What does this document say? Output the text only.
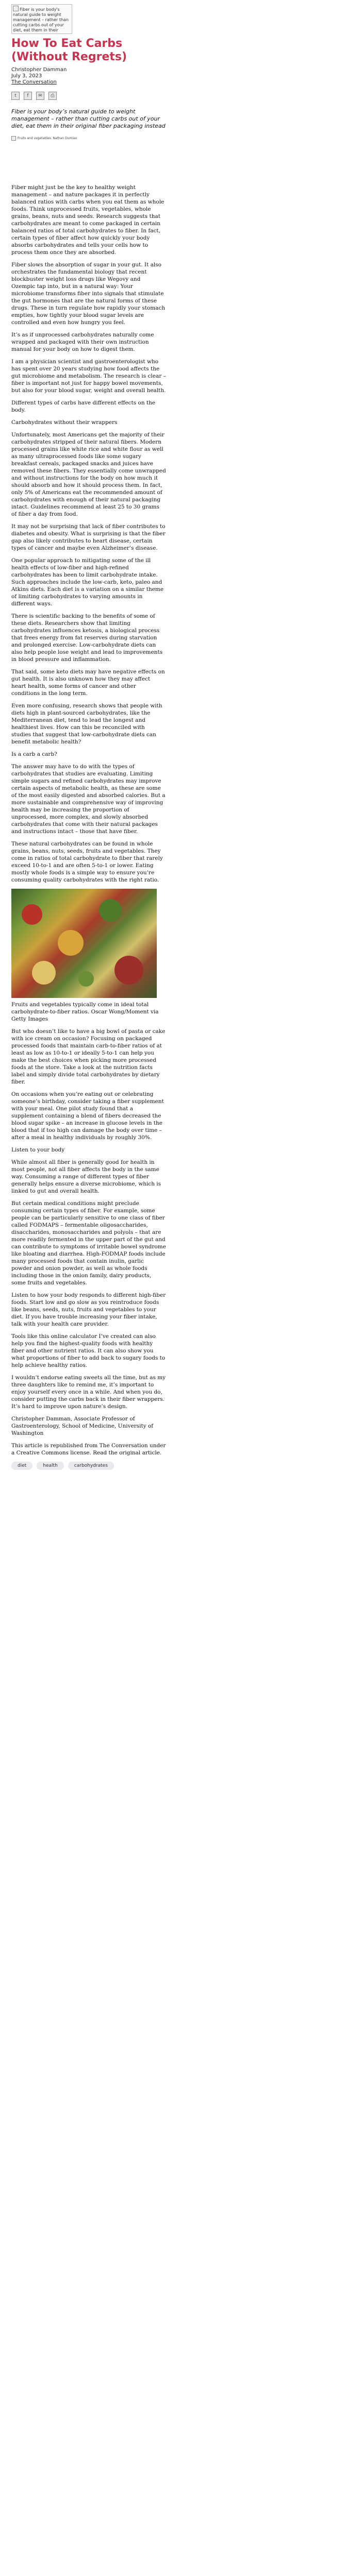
Fiber is your body's natural guide to weight management – rather than cutting carbs out of your diet, eat them in their
How To Eat Carbs (Without Regrets)
Christopher Damman
July 3, 2023
The Conversation
t	f	✉	⎙

Fiber is your body’s natural guide to weight management – rather than cutting carbs out of your diet, eat them in their original fiber packaging instead

Fruits and vegetables. Nathan Dumlao

Fiber might just be the key to healthy weight management – and nature packages it in perfectly balanced ratios with carbs when you eat them as whole foods. Think unprocessed fruits, vegetables, whole grains, beans, nuts and seeds. Research suggests that carbohydrates are meant to come packaged in certain balanced ratios of total carbohydrates to fiber. In fact, certain types of fiber affect how quickly your body absorbs carbohydrates and tells your cells how to process them once they are absorbed.

Fiber slows the absorption of sugar in your gut. It also orchestrates the fundamental biology that recent blockbuster weight loss drugs like Wegovy and Ozempic tap into, but in a natural way: Your microbiome transforms fiber into signals that stimulate the gut hormones that are the natural forms of these drugs. These in turn regulate how rapidly your stomach empties, how tightly your blood sugar levels are controlled and even how hungry you feel.

It’s as if unprocessed carbohydrates naturally come wrapped and packaged with their own instruction manual for your body on how to digest them.

I am a physician scientist and gastroenterologist who has spent over 20 years studying how food affects the gut microbiome and metabolism. The research is clear – fiber is important not just for happy bowel movements, but also for your blood sugar, weight and overall health.

Different types of carbs have different effects on the body.

Carbohydrates without their wrappers

Unfortunately, most Americans get the majority of their carbohydrates stripped of their natural fibers. Modern processed grains like white rice and white flour as well as many ultraprocessed foods like some sugary breakfast cereals, packaged snacks and juices have removed these fibers. They essentially come unwrapped and without instructions for the body on how much it should absorb and how it should process them. In fact, only 5% of Americans eat the recommended amount of carbohydrates with enough of their natural packaging intact. Guidelines recommend at least 25 to 30 grams of fiber a day from food.

It may not be surprising that lack of fiber contributes to diabetes and obesity. What is surprising is that the fiber gap also likely contributes to heart disease, certain types of cancer and maybe even Alzheimer’s disease.

One popular approach to mitigating some of the ill health effects of low-fiber and high-refined carbohydrates has been to limit carbohydrate intake. Such approaches include the low-carb, keto, paleo and Atkins diets. Each diet is a variation on a similar theme of limiting carbohydrates to varying amounts in different ways.

There is scientific backing to the benefits of some of these diets. Researchers show that limiting carbohydrates influences ketosis, a biological process that frees energy from fat reserves during starvation and prolonged exercise. Low-carbohydrate diets can also help people lose weight and lead to improvements in blood pressure and inflammation.

That said, some keto diets may have negative effects on gut health. It is also unknown how they may affect heart health, some forms of cancer and other conditions in the long term.

Even more confusing, research shows that people with diets high in plant-sourced carbohydrates, like the Mediterranean diet, tend to lead the longest and healthiest lives. How can this be reconciled with studies that suggest that low-carbohydrate diets can benefit metabolic health?

Is a carb a carb?

The answer may have to do with the types of carbohydrates that studies are evaluating. Limiting simple sugars and refined carbohydrates may improve certain aspects of metabolic health, as these are some of the most easily digested and absorbed calories. But a more sustainable and comprehensive way of improving health may be increasing the proportion of unprocessed, more complex, and slowly absorbed carbohydrates that come with their natural packages and instructions intact – those that have fiber.

These natural carbohydrates can be found in whole grains, beans, nuts, seeds, fruits and vegetables. They come in ratios of total carbohydrate to fiber that rarely exceed 10-to-1 and are often 5-to-1 or lower. Eating mostly whole foods is a simple way to ensure you’re consuming quality carbohydrates with the right ratio.

Fruits and vegetables typically come in ideal total carbohydrate-to-fiber ratios. Oscar Wong/Moment via Getty Images

But who doesn’t like to have a big bowl of pasta or cake with ice cream on occasion? Focusing on packaged processed foods that maintain carb-to-fiber ratios of at least as low as 10-to-1 or ideally 5-to-1 can help you make the best choices when picking more processed foods at the store. Take a look at the nutrition facts label and simply divide total carbohydrates by dietary fiber.

On occasions when you’re eating out or celebrating someone’s birthday, consider taking a fiber supplement with your meal. One pilot study found that a supplement containing a blend of fibers decreased the blood sugar spike – an increase in glucose levels in the blood that if too high can damage the body over time – after a meal in healthy individuals by roughly 30%.

Listen to your body

While almost all fiber is generally good for health in most people, not all fiber affects the body in the same way. Consuming a range of different types of fiber generally helps ensure a diverse microbiome, which is linked to gut and overall health.

But certain medical conditions might preclude consuming certain types of fiber. For example, some people can be particularly sensitive to one class of fiber called FODMAPS – fermentable oligosaccharides, disaccharides, monosaccharides and polyols – that are more readily fermented in the upper part of the gut and can contribute to symptoms of irritable bowel syndrome like bloating and diarrhea. High-FODMAP foods include many processed foods that contain inulin, garlic powder and onion powder, as well as whole foods including those in the onion family, dairy products, some fruits and vegetables.

Listen to how your body responds to different high-fiber foods. Start low and go slow as you reintroduce foods like beans, seeds, nuts, fruits and vegetables to your diet. If you have trouble increasing your fiber intake, talk with your health care provider.

Tools like this online calculator I’ve created can also help you find the highest-quality foods with healthy fiber and other nutrient ratios. It can also show you what proportions of fiber to add back to sugary foods to help achieve healthy ratios.

I wouldn’t endorse eating sweets all the time, but as my three daughters like to remind me, it’s important to enjoy yourself every once in a while. And when you do, consider putting the carbs back in their fiber wrappers. It’s hard to improve upon nature’s design.

Christopher Damman, Associate Professor of Gastroenterology, School of Medicine, University of Washington

This article is republished from The Conversation under a Creative Commons license. Read the original article.

diet	health	carbohydrates
